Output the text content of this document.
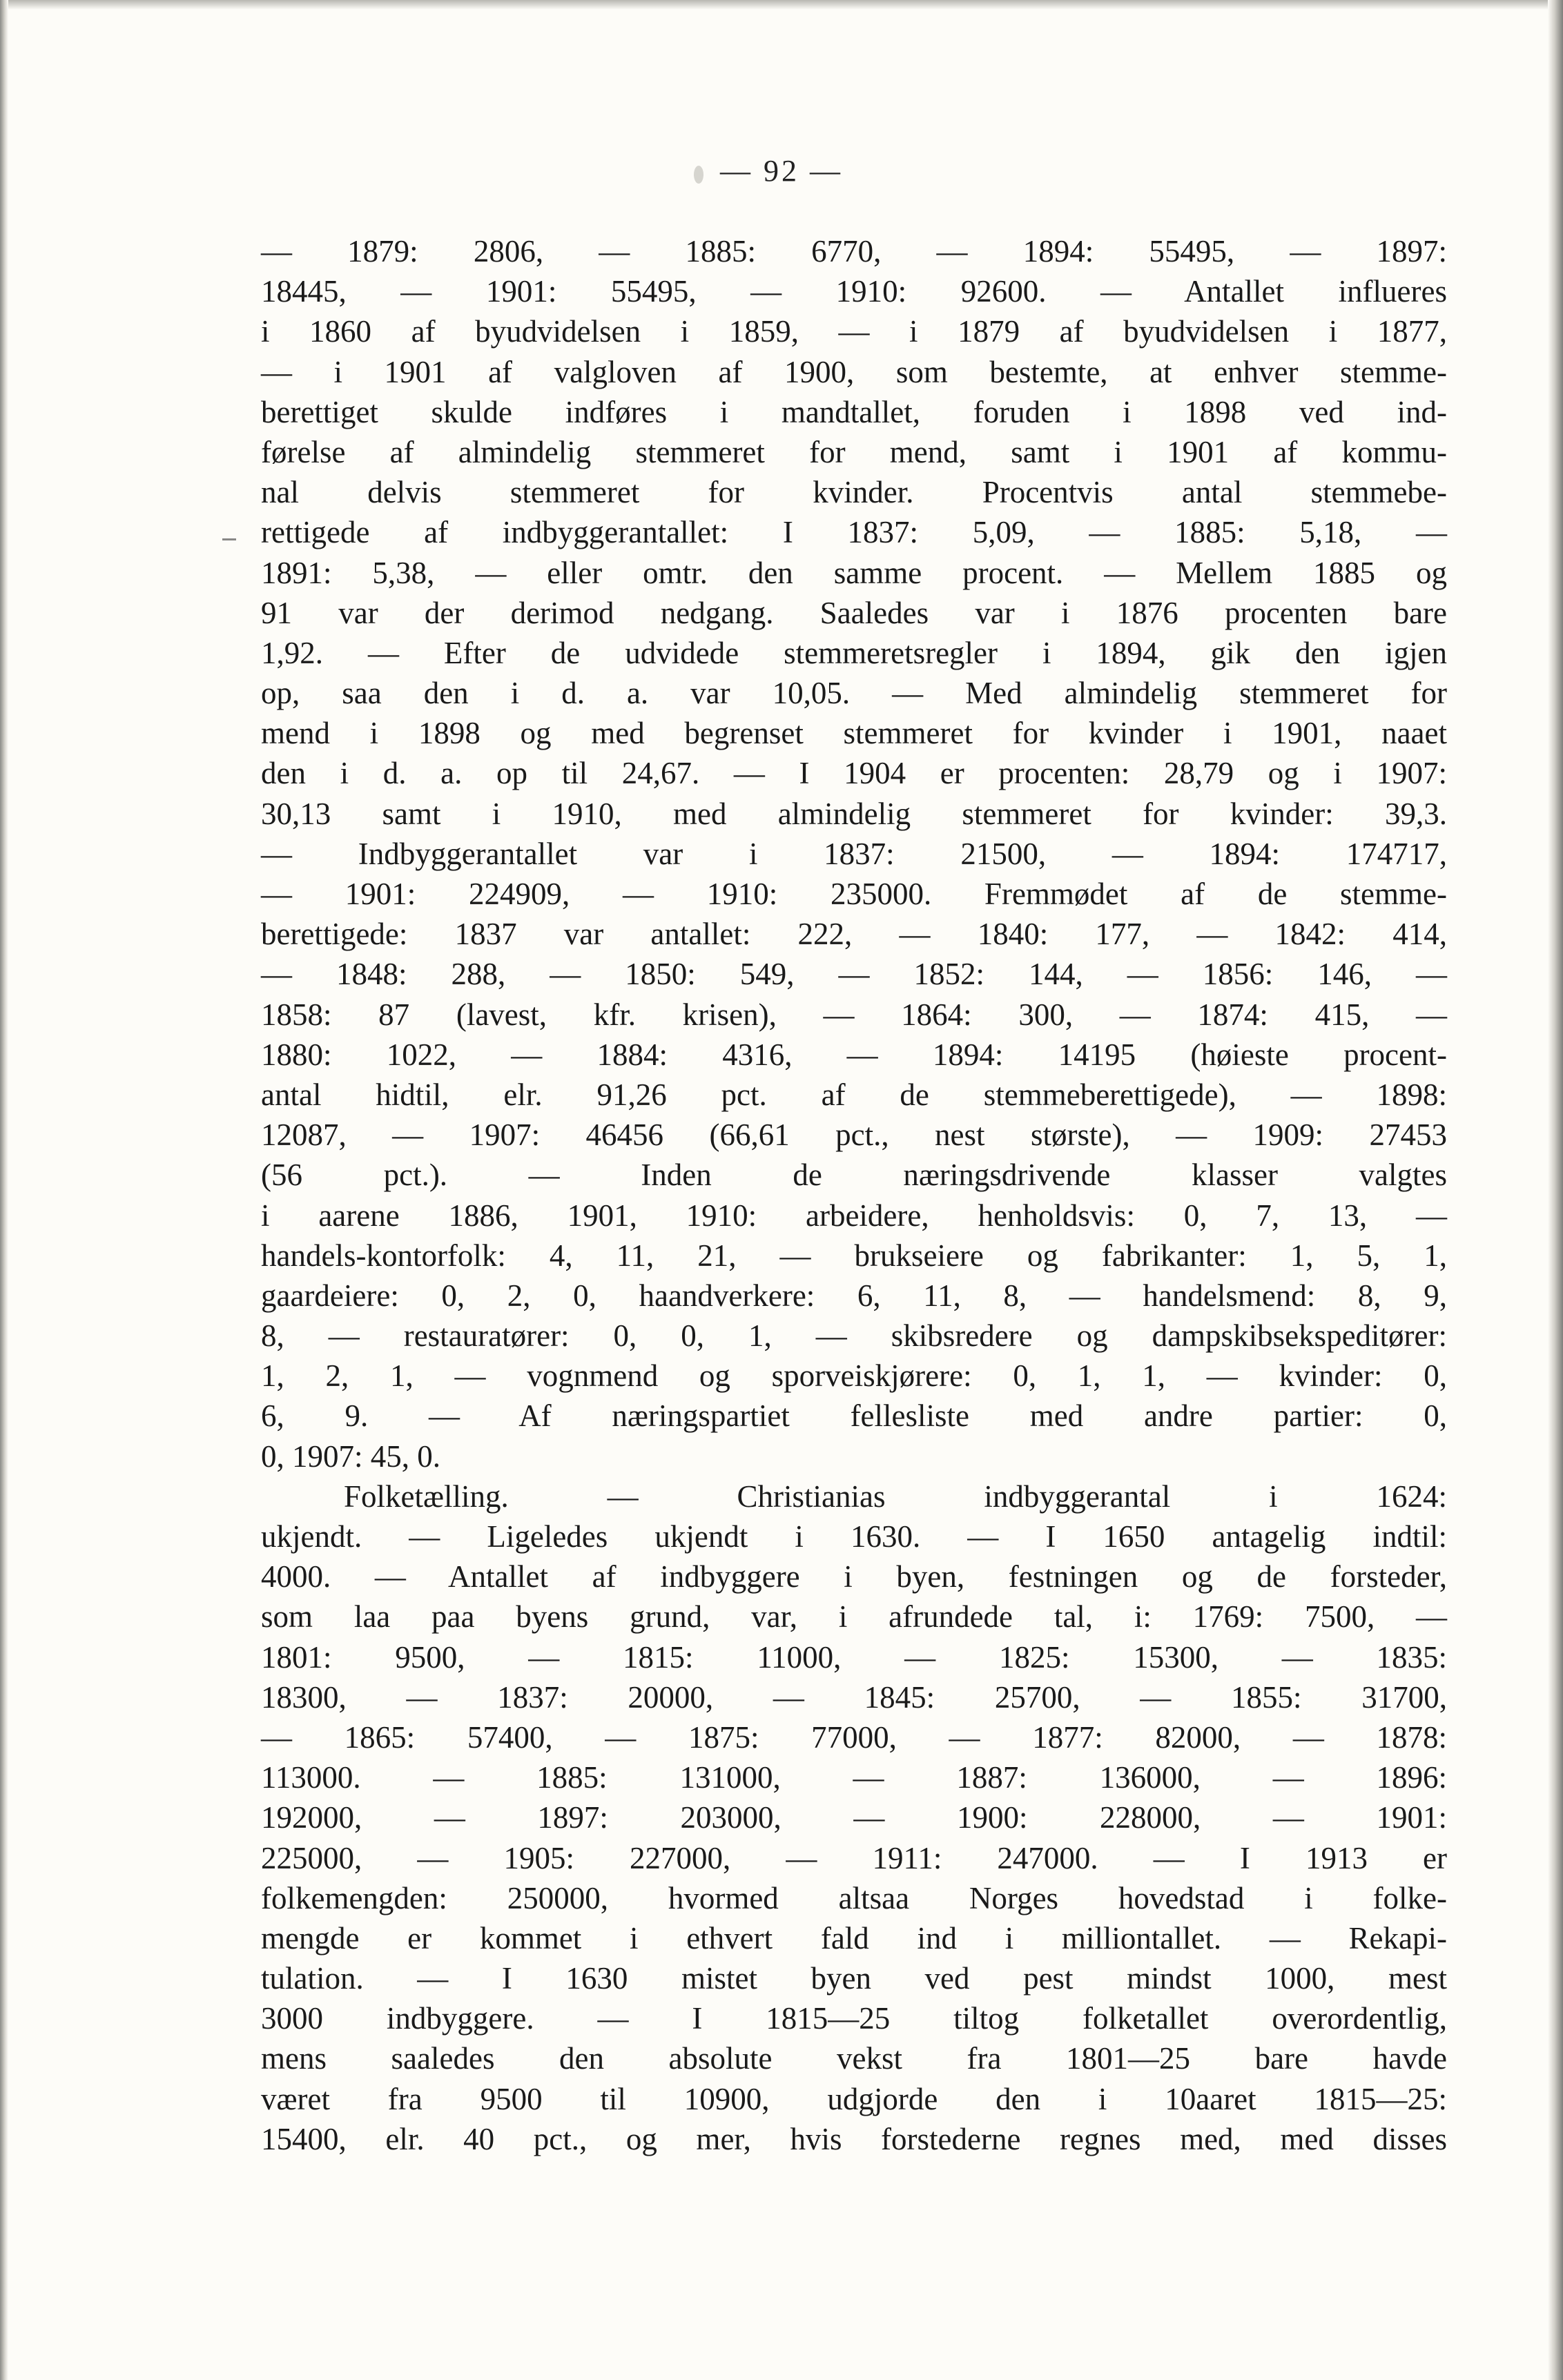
— 92 —
— 1879: 2806, — 1885: 6770, — 1894: 55495, — 1897:
18445, — 1901: 55495, — 1910: 92600. — Antallet influeres
i 1860 af byudvidelsen i 1859, — i 1879 af byudvidelsen i 1877,
— i 1901 af valgloven af 1900, som bestemte, at enhver stemme-
berettiget skulde indføres i mandtallet, foruden i 1898 ved ind-
førelse af almindelig stemmeret for mend, samt i 1901 af kommu-
nal delvis stemmeret for kvinder. Procentvis antal stemmebe-
rettigede af indbyggerantallet: I 1837: 5,09, — 1885: 5,18, —
1891: 5,38, — eller omtr. den samme procent. — Mellem 1885 og
91 var der derimod nedgang. Saaledes var i 1876 procenten bare
1,92. — Efter de udvidede stemmeretsregler i 1894, gik den igjen
op, saa den i d. a. var 10,05. — Med almindelig stemmeret for
mend i 1898 og med begrenset stemmeret for kvinder i 1901, naaet
den i d. a. op til 24,67. — I 1904 er procenten: 28,79 og i 1907:
30,13 samt i 1910, med almindelig stemmeret for kvinder: 39,3.
— Indbyggerantallet var i 1837: 21500, — 1894: 174717,
— 1901: 224909, — 1910: 235000. Fremmødet af de stemme-
berettigede: 1837 var antallet: 222, — 1840: 177, — 1842: 414,
— 1848: 288, — 1850: 549, — 1852: 144, — 1856: 146, —
1858: 87 (lavest, kfr. krisen), — 1864: 300, — 1874: 415, —
1880: 1022, — 1884: 4316, — 1894: 14195 (høieste procent-
antal hidtil, elr. 91,26 pct. af de stemmeberettigede), — 1898:
12087, — 1907: 46456 (66,61 pct., nest største), — 1909: 27453
(56 pct.). — Inden de næringsdrivende klasser valgtes
i aarene 1886, 1901, 1910: arbeidere, henholdsvis: 0, 7, 13, —
handels-kontorfolk: 4, 11, 21, — brukseiere og fabrikanter: 1, 5, 1,
gaardeiere: 0, 2, 0, haandverkere: 6, 11, 8, — handelsmend: 8, 9,
8, — restauratører: 0, 0, 1, — skibsredere og dampskibsekspeditører:
1, 2, 1, — vognmend og sporveiskjørere: 0, 1, 1, — kvinder: 0,
6, 9. — Af næringspartiet fellesliste med andre partier: 0,
0, 1907: 45, 0.
Folketælling. — Christianias indbyggerantal i 1624:
ukjendt. — Ligeledes ukjendt i 1630. — I 1650 antagelig indtil:
4000. — Antallet af indbyggere i byen, festningen og de forsteder,
som laa paa byens grund, var, i afrundede tal, i: 1769: 7500, —
1801: 9500, — 1815: 11000, — 1825: 15300, — 1835:
18300, — 1837: 20000, — 1845: 25700, — 1855: 31700,
— 1865: 57400, — 1875: 77000, — 1877: 82000, — 1878:
113000. — 1885: 131000, — 1887: 136000, — 1896:
192000, — 1897: 203000, — 1900: 228000, — 1901:
225000, — 1905: 227000, — 1911: 247000. — I 1913 er
folkemengden: 250000, hvormed altsaa Norges hovedstad i folke-
mengde er kommet i ethvert fald ind i milliontallet. — Rekapi-
tulation. — I 1630 mistet byen ved pest mindst 1000, mest
3000 indbyggere. — I 1815—25 tiltog folketallet overordentlig,
mens saaledes den absolute vekst fra 1801—25 bare havde
været fra 9500 til 10900, udgjorde den i 10aaret 1815—25:
15400, elr. 40 pct., og mer, hvis forstederne regnes med, med disses
